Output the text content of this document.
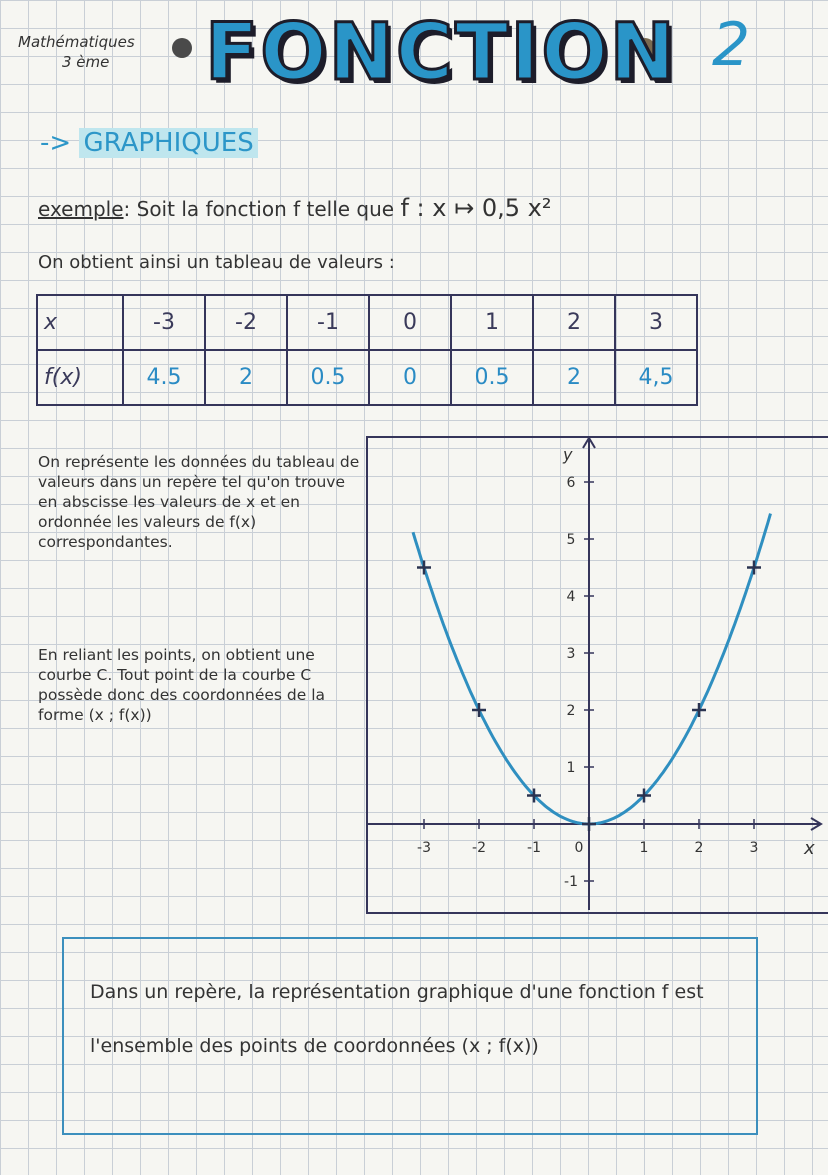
Mathématiques
3 ème	FONCTION 2
-> GRAPHIQUES
exemple: Soit la fonction f telle que f : x ↦ 0,5 x²
On obtient ainsi un tableau de valeurs :
x	-3	-2	-1	0	1	2	3
f(x)	4.5	2	0.5	0	0.5	2	4,5
On représente les données du tableau de valeurs dans un repère tel qu'on trouve en abscisse les valeurs de x et en ordonnée les valeurs de f(x) correspondantes.
En reliant les points, on obtient une courbe C. Tout point de la courbe C possède donc des coordonnées de la forme (x ; f(x))
-3	-2	-1 0	1	2	3
-1
1
2
3
4
5
6
x
y
Dans un repère, la représentation graphique d'une fonction f est l'ensemble des points de coordonnées (x ; f(x))
